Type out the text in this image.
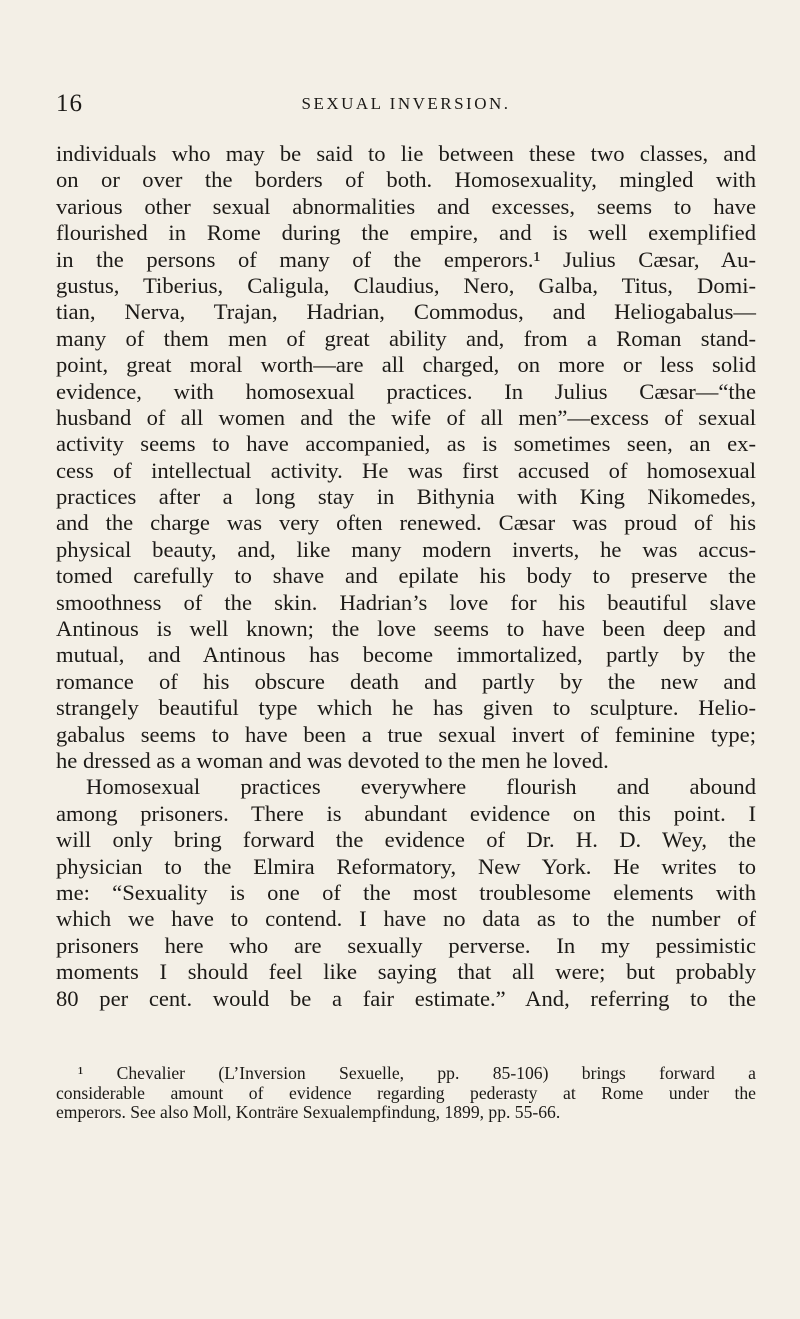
16	SEXUAL INVERSION.
individuals who may be said to lie between these two classes, and
on or over the borders of both. Homosexuality, mingled with
various other sexual abnormalities and excesses, seems to have
flourished in Rome during the empire, and is well exemplified
in the persons of many of the emperors.¹ Julius Cæsar, Au-
gustus, Tiberius, Caligula, Claudius, Nero, Galba, Titus, Domi-
tian, Nerva, Trajan, Hadrian, Commodus, and Heliogabalus—
many of them men of great ability and, from a Roman stand-
point, great moral worth—are all charged, on more or less solid
evidence, with homosexual practices. In Julius Cæsar—“the
husband of all women and the wife of all men”—excess of sexual
activity seems to have accompanied, as is sometimes seen, an ex-
cess of intellectual activity. He was first accused of homosexual
practices after a long stay in Bithynia with King Nikomedes,
and the charge was very often renewed. Cæsar was proud of his
physical beauty, and, like many modern inverts, he was accus-
tomed carefully to shave and epilate his body to preserve the
smoothness of the skin. Hadrian’s love for his beautiful slave
Antinous is well known; the love seems to have been deep and
mutual, and Antinous has become immortalized, partly by the
romance of his obscure death and partly by the new and
strangely beautiful type which he has given to sculpture. Helio-
gabalus seems to have been a true sexual invert of feminine type;
he dressed as a woman and was devoted to the men he loved.
Homosexual practices everywhere flourish and abound
among prisoners. There is abundant evidence on this point. I
will only bring forward the evidence of Dr. H. D. Wey, the
physician to the Elmira Reformatory, New York. He writes to
me: “Sexuality is one of the most troublesome elements with
which we have to contend. I have no data as to the number of
prisoners here who are sexually perverse. In my pessimistic
moments I should feel like saying that all were; but probably
80 per cent. would be a fair estimate.” And, referring to the
¹ Chevalier (L’Inversion Sexuelle, pp. 85-106) brings forward a
considerable amount of evidence regarding pederasty at Rome under the
emperors. See also Moll, Konträre Sexualempfindung, 1899, pp. 55-66.
